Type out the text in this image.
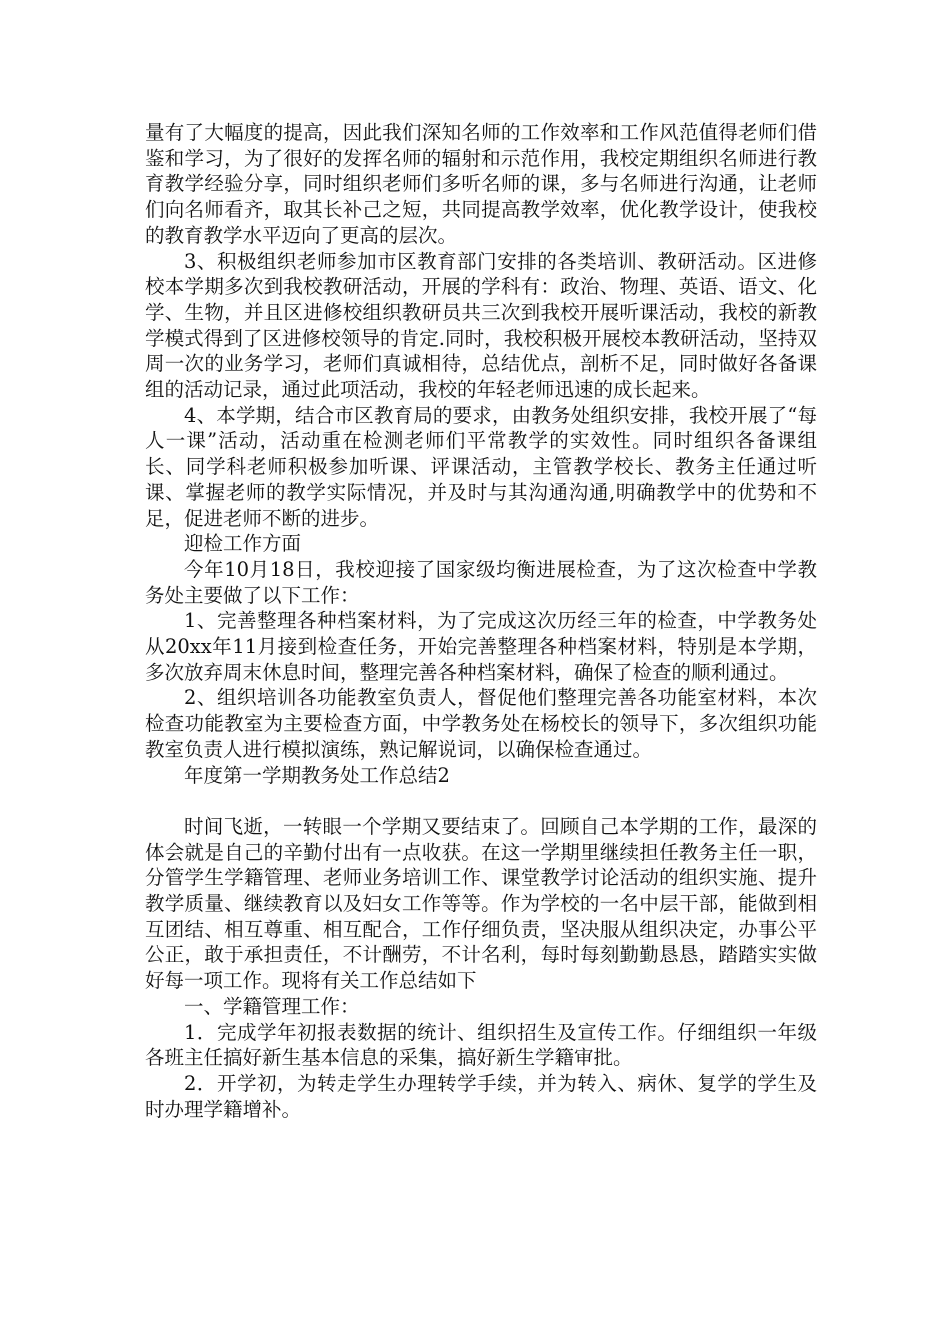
量有了大幅度的提高，因此我们深知名师的工作效率和工作风范值得老师们借鉴和学习，为了很好的发挥名师的辐射和示范作用，我校定期组织名师进行教育教学经验分享，同时组织老师们多听名师的课，多与名师进行沟通，让老师们向名师看齐，取其长补己之短，共同提高教学效率，优化教学设计，使我校的教育教学水平迈向了更高的层次。

3、积极组织老师参加市区教育部门安排的各类培训、教研活动。区进修校本学期多次到我校教研活动，开展的学科有：政治、物理、英语、语文、化学、生物，并且区进修校组织教研员共三次到我校开展听课活动，我校的新教学模式得到了区进修校领导的肯定.同时，我校积极开展校本教研活动，坚持双周一次的业务学习，老师们真诚相待，总结优点，剖析不足，同时做好各备课组的活动记录，通过此项活动，我校的年轻老师迅速的成长起来。

4、本学期，结合市区教育局的要求，由教务处组织安排，我校开展了“每人一课”活动，活动重在检测老师们平常教学的实效性。同时组织各备课组长、同学科老师积极参加听课、评课活动，主管教学校长、教务主任通过听课、掌握老师的教学实际情况，并及时与其沟通沟通,明确教学中的优势和不足，促进老师不断的进步。

迎检工作方面

今年10月18日，我校迎接了国家级均衡进展检查，为了这次检查中学教务处主要做了以下工作：

1、完善整理各种档案材料，为了完成这次历经三年的检查，中学教务处从20xx年11月接到检查任务，开始完善整理各种档案材料，特别是本学期，多次放弃周末休息时间，整理完善各种档案材料，确保了检查的顺利通过。

2、组织培训各功能教室负责人，督促他们整理完善各功能室材料，本次检查功能教室为主要检查方面，中学教务处在杨校长的领导下，多次组织功能教室负责人进行模拟演练，熟记解说词，以确保检查通过。

年度第一学期教务处工作总结2

时间飞逝，一转眼一个学期又要结束了。回顾自己本学期的工作，最深的体会就是自己的辛勤付出有一点收获。在这一学期里继续担任教务主任一职，分管学生学籍管理、老师业务培训工作、课堂教学讨论活动的组织实施、提升教学质量、继续教育以及妇女工作等等。作为学校的一名中层干部，能做到相互团结、相互尊重、相互配合，工作仔细负责，坚决服从组织决定，办事公平公正，敢于承担责任，不计酬劳，不计名利，每时每刻勤勤恳恳，踏踏实实做好每一项工作。现将有关工作总结如下

一、学籍管理工作：

1．完成学年初报表数据的统计、组织招生及宣传工作。仔细组织一年级各班主任搞好新生基本信息的采集，搞好新生学籍审批。

2．开学初，为转走学生办理转学手续，并为转入、病休、复学的学生及时办理学籍增补。
